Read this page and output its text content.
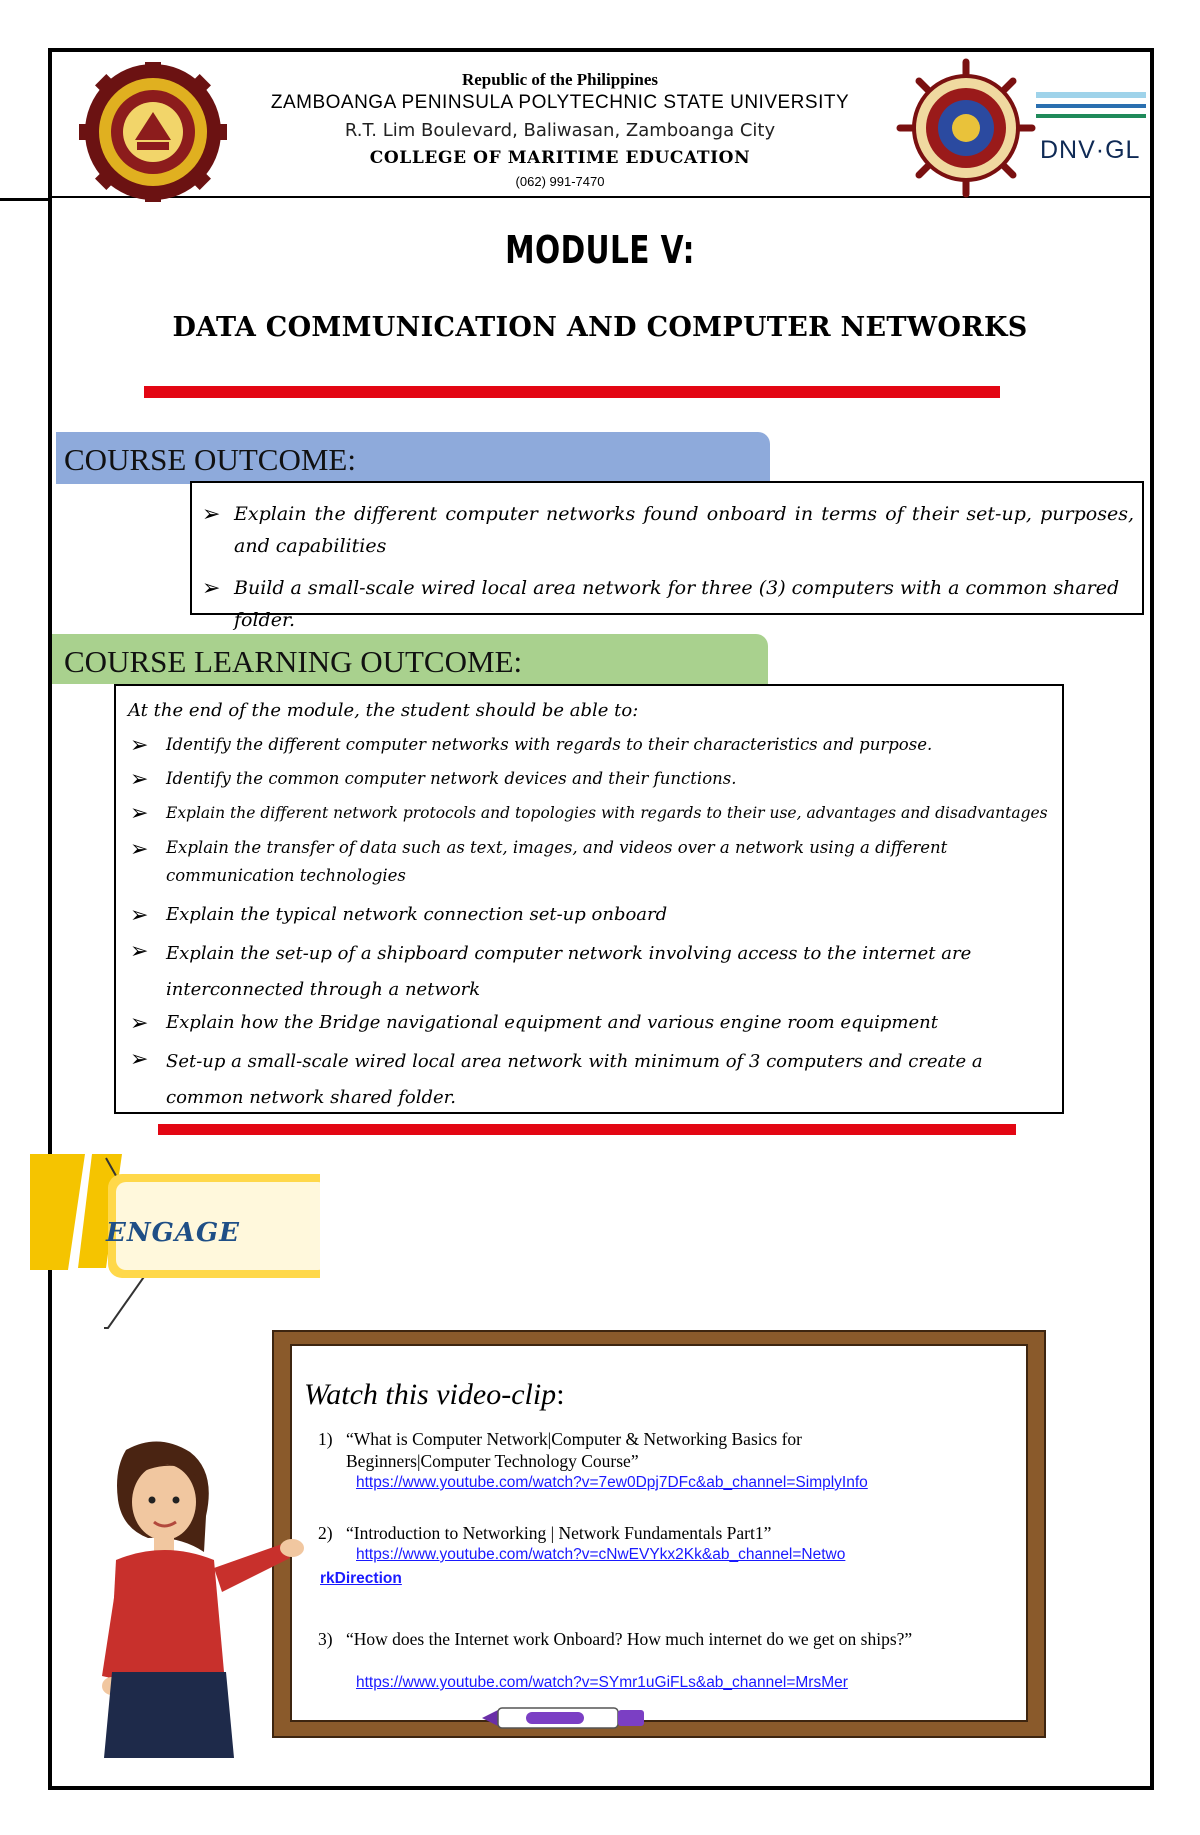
Republic of the Philippines
ZAMBOANGA PENINSULA POLYTECHNIC STATE UNIVERSITY
R.T. Lim Boulevard, Baliwasan, Zamboanga City
COLLEGE OF MARITIME EDUCATION
(062) 991-7470
DNV·GL
MODULE V:
DATA COMMUNICATION AND COMPUTER NETWORKS
COURSE OUTCOME:
➢ Explain the different computer networks found onboard in terms of their set-up, purposes, and capabilities
➢ Build a small-scale wired local area network for three (3) computers with a common shared folder.
COURSE LEARNING OUTCOME:
At the end of the module, the student should be able to:
➢ Identify the different computer networks with regards to their characteristics and purpose.
➢ Identify the common computer network devices and their functions.
➢ Explain the different network protocols and topologies with regards to their use, advantages and disadvantages
➢ Explain the transfer of data such as text, images, and videos over a network using a different communication technologies
➢ Explain the typical network connection set-up onboard
➢ Explain the set-up of a shipboard computer network involving access to the internet are interconnected through a network
➢ Explain how the Bridge navigational equipment and various engine room equipment
➢ Set-up a small-scale wired local area network with minimum of 3 computers and create a common network shared folder.
ENGAGE
Watch this video-clip:
1) “What is Computer Network|Computer & Networking Basics for Beginners|Computer Technology Course”
https://www.youtube.com/watch?v=7ew0Dpj7DFc&ab_channel=SimplyInfo
2) “Introduction to Networking | Network Fundamentals Part1”
https://www.youtube.com/watch?v=cNwEVYkx2Kk&ab_channel=Netwo
rkDirection
3) “How does the Internet work Onboard? How much internet do we get on ships?”
https://www.youtube.com/watch?v=SYmr1uGiFLs&ab_channel=MrsMer
